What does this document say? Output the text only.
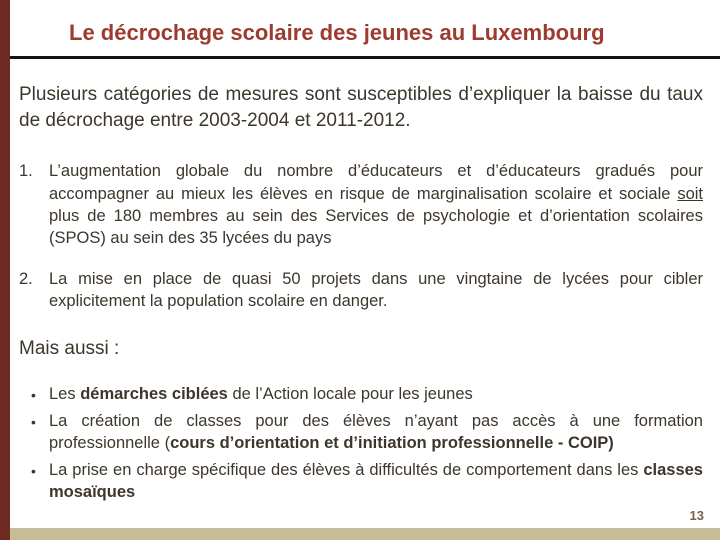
Le décrochage scolaire des jeunes au Luxembourg

Plusieurs catégories de mesures sont susceptibles d’expliquer la baisse du taux de décrochage entre 2003-2004 et 2011-2012.

1. L’augmentation globale du nombre d’éducateurs et d’éducateurs gradués pour accompagner au mieux les élèves en risque de marginalisation scolaire et sociale soit plus de 180 membres au sein des Services de psychologie et d’orientation scolaires (SPOS) au sein des 35 lycées du pays
2. La mise en place de quasi 50 projets dans une vingtaine de lycées pour cibler explicitement la population scolaire en danger.

Mais aussi :

• Les démarches ciblées de l’Action locale pour les jeunes
• La création de classes pour des élèves n’ayant pas accès à une formation professionnelle (cours d’orientation et d’initiation professionnelle - COIP)
• La prise en charge spécifique des élèves à difficultés de comportement dans les classes mosaïques
13
